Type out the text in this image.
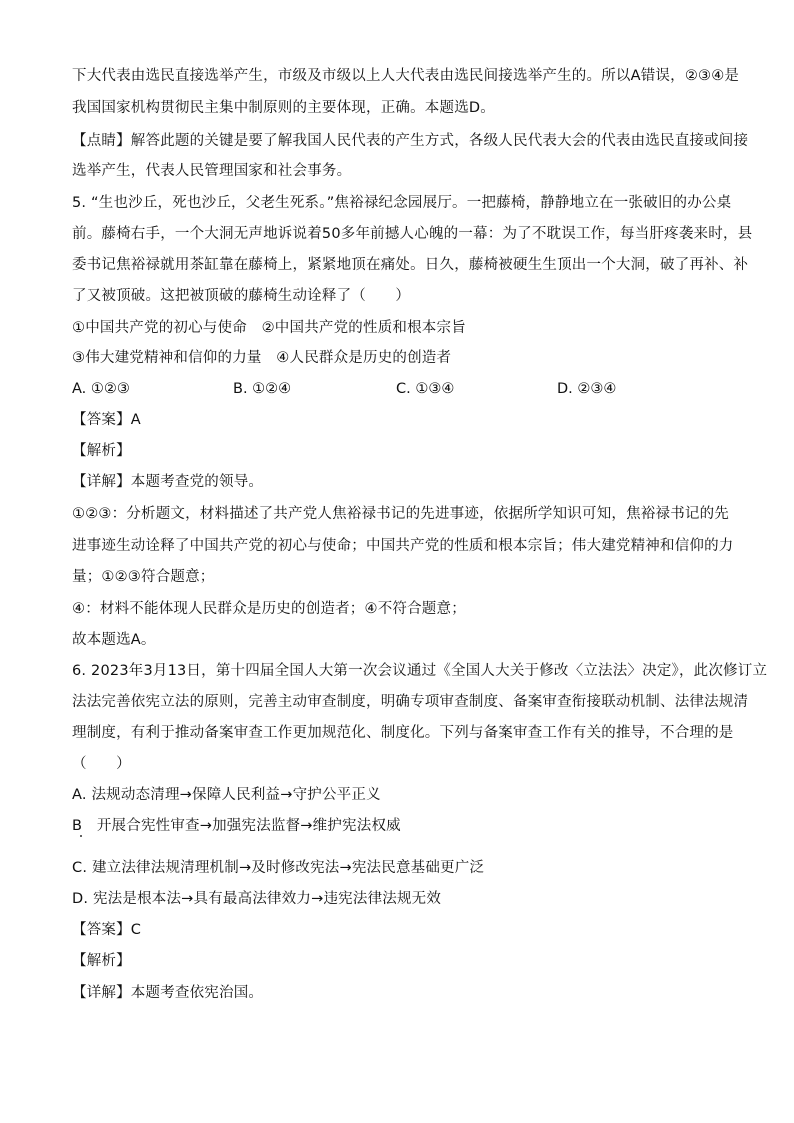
下大代表由选民直接选举产生，市级及市级以上人大代表由选民间接选举产生的。所以A错误，②③④是
我国国家机构贯彻民主集中制原则的主要体现，正确。本题选D。
【点睛】解答此题的关键是要了解我国人民代表的产生方式，各级人民代表大会的代表由选民直接或间接
选举产生，代表人民管理国家和社会事务。
5. “生也沙丘，死也沙丘，父老生死系。”焦裕禄纪念园展厅。一把藤椅，静静地立在一张破旧的办公桌
前。藤椅右手，一个大洞无声地诉说着50多年前撼人心魄的一幕：为了不耽误工作，每当肝疼袭来时，县
委书记焦裕禄就用茶缸靠在藤椅上，紧紧地顶在痛处。日久，藤椅被硬生生顶出一个大洞，破了再补、补
了又被顶破。这把被顶破的藤椅生动诠释了（　　）
①中国共产党的初心与使命　②中国共产党的性质和根本宗旨
③伟大建党精神和信仰的力量　④人民群众是历史的创造者
A. ①②③	B. ①②④	C. ①③④	D. ②③④
【答案】A
【解析】
【详解】本题考查党的领导。
①②③：分析题文，材料描述了共产党人焦裕禄书记的先进事迹，依据所学知识可知，焦裕禄书记的先
进事迹生动诠释了中国共产党的初心与使命；中国共产党的性质和根本宗旨；伟大建党精神和信仰的力
量；①②③符合题意；
④：材料不能体现人民群众是历史的创造者；④不符合题意；
故本题选A。
6. 2023年3月13日，第十四届全国人大第一次会议通过《全国人大关于修改〈立法法〉决定》，此次修订立
法法完善依宪立法的原则，完善主动审查制度，明确专项审查制度、备案审查衔接联动机制、法律法规清
理制度，有利于推动备案审查工作更加规范化、制度化。下列与备案审查工作有关的推导，不合理的是
（　　）
A. 法规动态清理→保障人民利益→守护公平正义
B　开展合宪性审查→加强宪法监督→维护宪法权威
C. 建立法律法规清理机制→及时修改宪法→宪法民意基础更广泛
D. 宪法是根本法→具有最高法律效力→违宪法律法规无效
【答案】C
【解析】
【详解】本题考查依宪治国。
